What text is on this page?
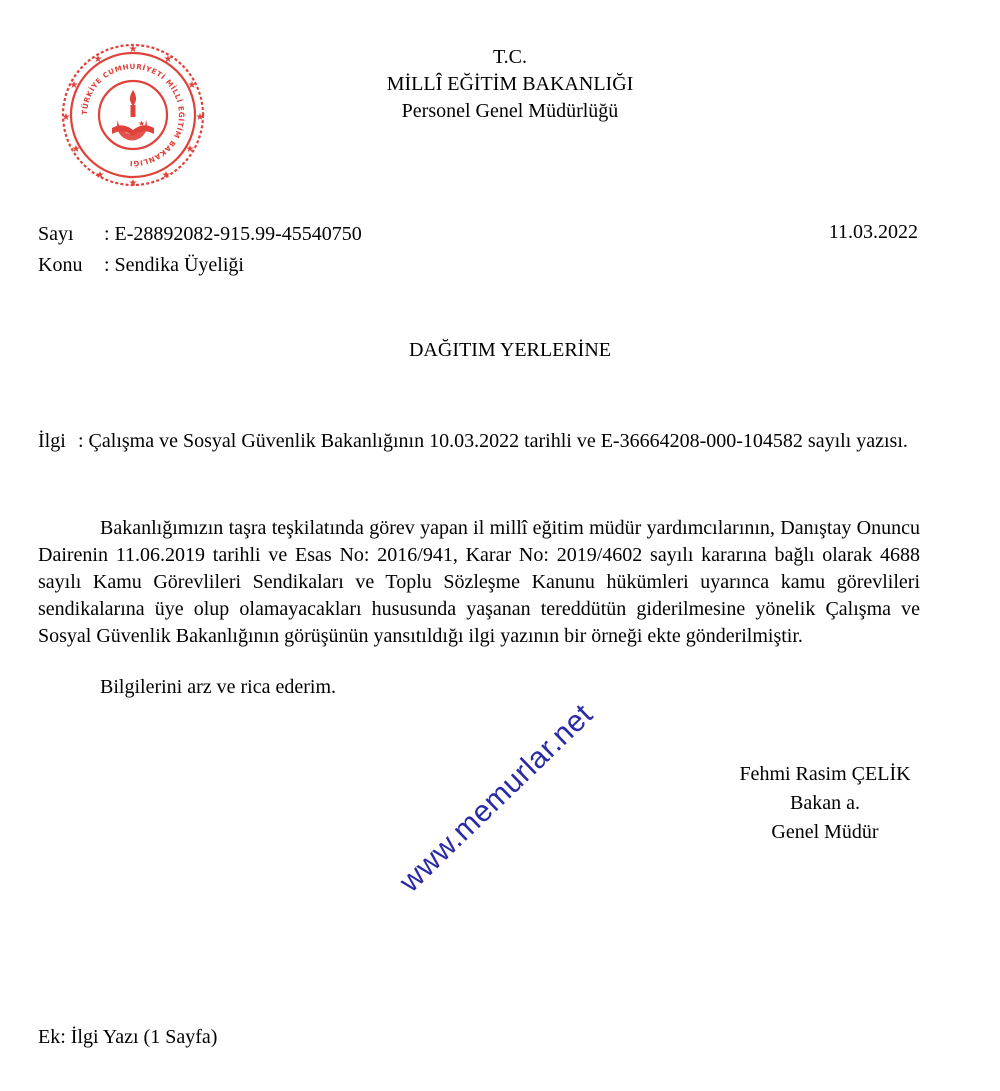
★
★
★
★
★
★
★
★
★
★
★
★
TÜRKİYE CUMHURİYETİ MİLLÎ EĞİTİM BAKANLIĞI
★
T.C.
MİLLÎ EĞİTİM BAKANLIĞI
Personel Genel Müdürlüğü
Sayı : E-28892082-915.99-45540750
Konu : Sendika Üyeliği
11.03.2022
DAĞITIM YERLERİNE
İlgi : Çalışma ve Sosyal Güvenlik Bakanlığının 10.03.2022 tarihli ve E-36664208-000-104582 sayılı yazısı.
Bakanlığımızın taşra teşkilatında görev yapan il millî eğitim müdür yardımcılarının, Danıştay Onuncu Dairenin 11.06.2019 tarihli ve Esas No: 2016/941, Karar No: 2019/4602 sayılı kararına bağlı olarak 4688 sayılı Kamu Görevlileri Sendikaları ve Toplu Sözleşme Kanunu hükümleri uyarınca kamu görevlileri sendikalarına üye olup olamayacakları hususunda yaşanan tereddütün giderilmesine yönelik Çalışma ve Sosyal Güvenlik Bakanlığının görüşünün yansıtıldığı ilgi yazının bir örneği ekte gönderilmiştir.
Bilgilerini arz ve rica ederim.
Fehmi Rasim ÇELİK
Bakan a.
Genel Müdür
Ek: İlgi Yazı (1 Sayfa)
www.memurlar.net
